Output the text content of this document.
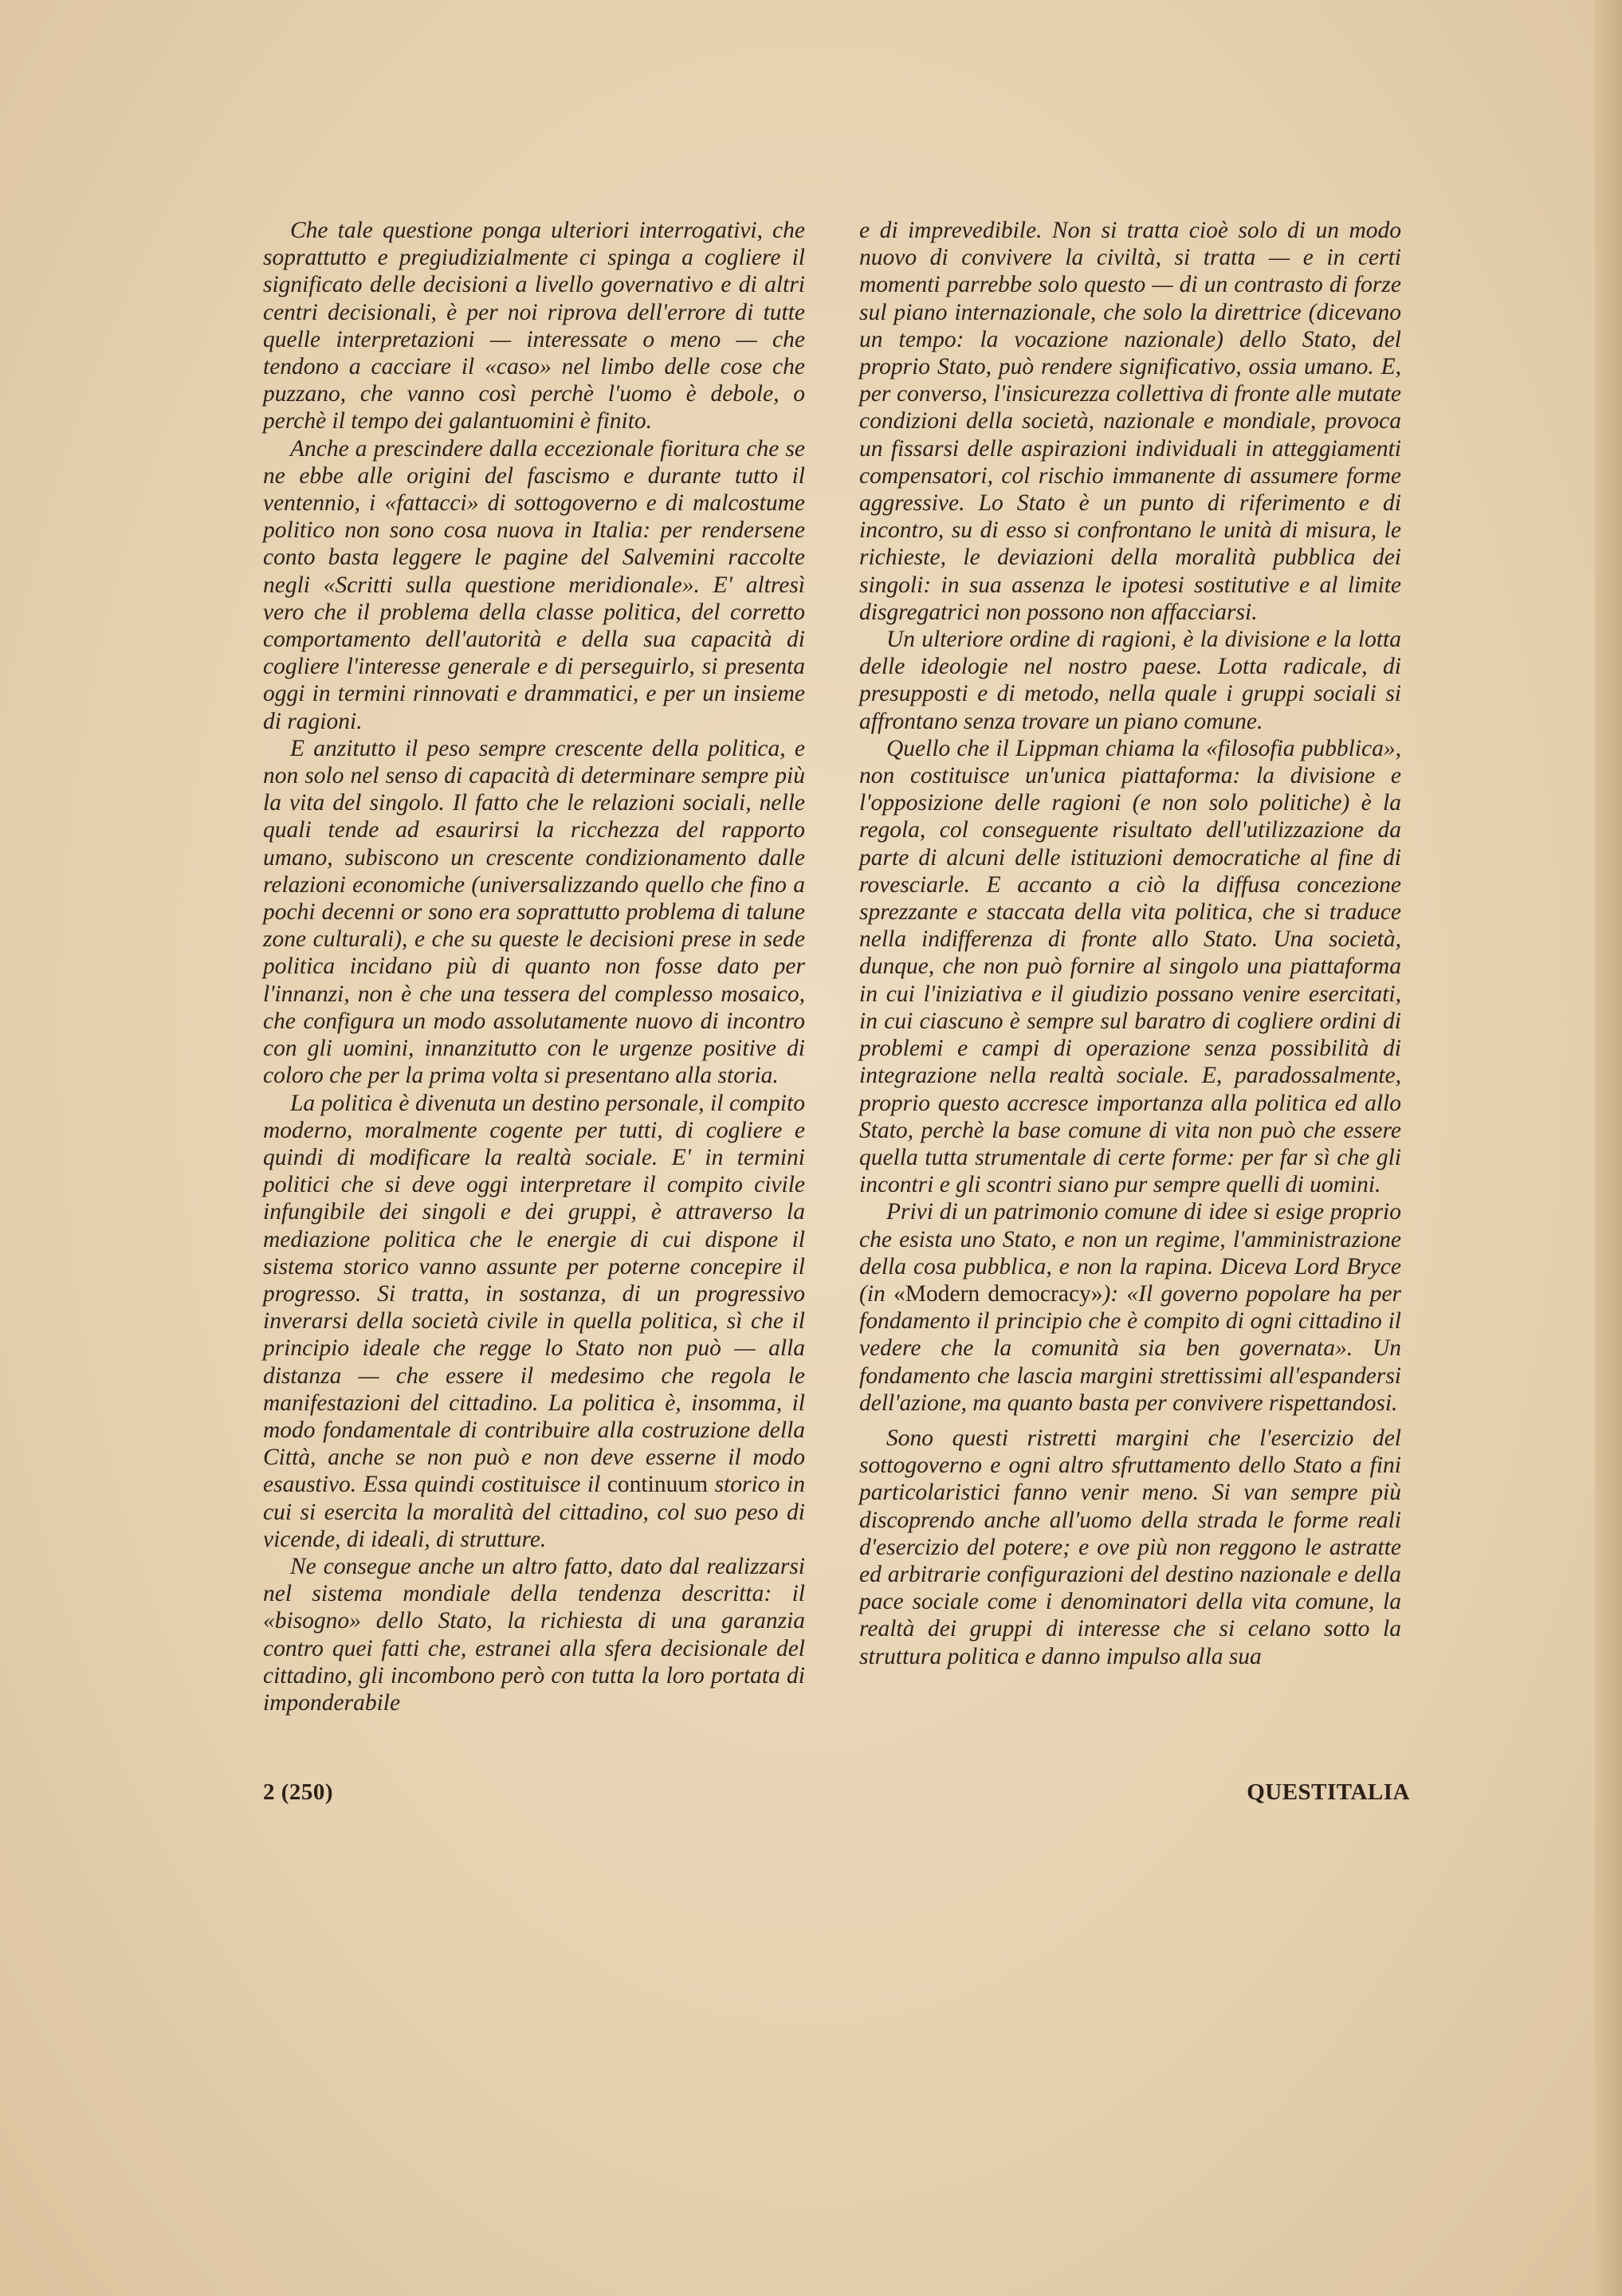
Che tale questione ponga ulteriori interrogativi, che soprattutto e pregiudizialmente ci spinga a cogliere il significato delle decisioni a livello governativo e di altri centri decisionali, è per noi riprova dell'errore di tutte quelle interpretazioni — interessate o meno — che tendono a cacciare il «caso» nel limbo delle cose che puzzano, che vanno così perchè l'uomo è debole, o perchè il tempo dei galantuomini è finito.

Anche a prescindere dalla eccezionale fioritura che se ne ebbe alle origini del fascismo e durante tutto il ventennio, i «fattacci» di sottogoverno e di malcostume politico non sono cosa nuova in Italia: per rendersene conto basta leggere le pagine del Salvemini raccolte negli «Scritti sulla questione meridionale». E' altresì vero che il problema della classe politica, del corretto comportamento dell'autorità e della sua capacità di cogliere l'interesse generale e di perseguirlo, si presenta oggi in termini rinnovati e drammatici, e per un insieme di ragioni.

E anzitutto il peso sempre crescente della politica, e non solo nel senso di capacità di determinare sempre più la vita del singolo. Il fatto che le relazioni sociali, nelle quali tende ad esaurirsi la ricchezza del rapporto umano, subiscono un crescente condizionamento dalle relazioni economiche (universalizzando quello che fino a pochi decenni or sono era soprattutto problema di talune zone culturali), e che su queste le decisioni prese in sede politica incidano più di quanto non fosse dato per l'innanzi, non è che una tessera del complesso mosaico, che configura un modo assolutamente nuovo di incontro con gli uomini, innanzitutto con le urgenze positive di coloro che per la prima volta si presentano alla storia.

La politica è divenuta un destino personale, il compito moderno, moralmente cogente per tutti, di cogliere e quindi di modificare la realtà sociale. E' in termini politici che si deve oggi interpretare il compito civile infungibile dei singoli e dei gruppi, è attraverso la mediazione politica che le energie di cui dispone il sistema storico vanno assunte per poterne concepire il progresso. Si tratta, in sostanza, di un progressivo inverarsi della società civile in quella politica, sì che il principio ideale che regge lo Stato non può — alla distanza — che essere il medesimo che regola le manifestazioni del cittadino. La politica è, insomma, il modo fondamentale di contribuire alla costruzione della Città, anche se non può e non deve esserne il modo esaustivo. Essa quindi costituisce il continuum storico in cui si esercita la moralità del cittadino, col suo peso di vicende, di ideali, di strutture.

Ne consegue anche un altro fatto, dato dal realizzarsi nel sistema mondiale della tendenza descritta: il «bisogno» dello Stato, la richiesta di una garanzia contro quei fatti che, estranei alla sfera decisionale del cittadino, gli incombono però con tutta la loro portata di imponderabile

e di imprevedibile. Non si tratta cioè solo di un modo nuovo di convivere la civiltà, si tratta — e in certi momenti parrebbe solo questo — di un contrasto di forze sul piano internazionale, che solo la direttrice (dicevano un tempo: la vocazione nazionale) dello Stato, del proprio Stato, può rendere significativo, ossia umano. E, per converso, l'insicurezza collettiva di fronte alle mutate condizioni della società, nazionale e mondiale, provoca un fissarsi delle aspirazioni individuali in atteggiamenti compensatori, col rischio immanente di assumere forme aggressive. Lo Stato è un punto di riferimento e di incontro, su di esso si confrontano le unità di misura, le richieste, le deviazioni della moralità pubblica dei singoli: in sua assenza le ipotesi sostitutive e al limite disgregatrici non possono non affacciarsi.

Un ulteriore ordine di ragioni, è la divisione e la lotta delle ideologie nel nostro paese. Lotta radicale, di presupposti e di metodo, nella quale i gruppi sociali si affrontano senza trovare un piano comune.

Quello che il Lippman chiama la «filosofia pubblica», non costituisce un'unica piattaforma: la divisione e l'opposizione delle ragioni (e non solo politiche) è la regola, col conseguente risultato dell'utilizzazione da parte di alcuni delle istituzioni democratiche al fine di rovesciarle. E accanto a ciò la diffusa concezione sprezzante e staccata della vita politica, che si traduce nella indifferenza di fronte allo Stato. Una società, dunque, che non può fornire al singolo una piattaforma in cui l'iniziativa e il giudizio possano venire esercitati, in cui ciascuno è sempre sul baratro di cogliere ordini di problemi e campi di operazione senza possibilità di integrazione nella realtà sociale. E, paradossalmente, proprio questo accresce importanza alla politica ed allo Stato, perchè la base comune di vita non può che essere quella tutta strumentale di certe forme: per far sì che gli incontri e gli scontri siano pur sempre quelli di uomini.

Privi di un patrimonio comune di idee si esige proprio che esista uno Stato, e non un regime, l'amministrazione della cosa pubblica, e non la rapina. Diceva Lord Bryce (in «Modern democracy»): «Il governo popolare ha per fondamento il principio che è compito di ogni cittadino il vedere che la comunità sia ben governata». Un fondamento che lascia margini strettissimi all'espandersi dell'azione, ma quanto basta per convivere rispettandosi.

Sono questi ristretti margini che l'esercizio del sottogoverno e ogni altro sfruttamento dello Stato a fini particolaristici fanno venir meno. Si van sempre più discoprendo anche all'uomo della strada le forme reali d'esercizio del potere; e ove più non reggono le astratte ed arbitrarie configurazioni del destino nazionale e della pace sociale come i denominatori della vita comune, la realtà dei gruppi di interesse che si celano sotto la struttura politica e danno impulso alla sua

2 (250)	QUESTITALIA
